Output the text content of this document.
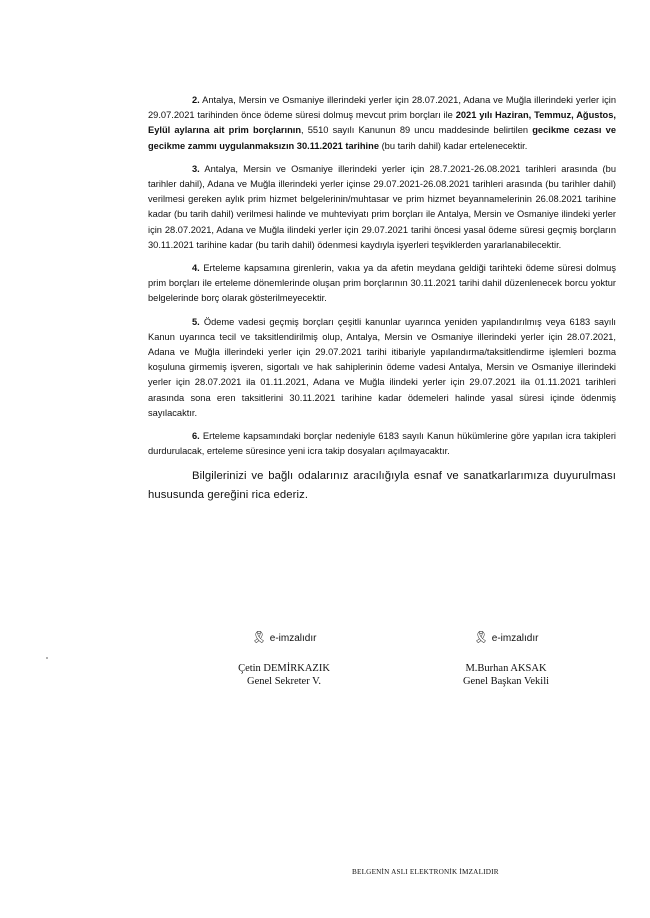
2. Antalya, Mersin ve Osmaniye illerindeki yerler için 28.07.2021, Adana ve Muğla illerindeki yerler için 29.07.2021 tarihinden önce ödeme süresi dolmuş mevcut prim borçları ile 2021 yılı Haziran, Temmuz, Ağustos, Eylül aylarına ait prim borçlarının, 5510 sayılı Kanunun 89 uncu maddesinde belirtilen gecikme cezası ve gecikme zammı uygulanmaksızın 30.11.2021 tarihine (bu tarih dahil) kadar ertelenecektir.

3. Antalya, Mersin ve Osmaniye illerindeki yerler için 28.7.2021-26.08.2021 tarihleri arasında (bu tarihler dahil), Adana ve Muğla illerindeki yerler içinse 29.07.2021-26.08.2021 tarihleri arasında (bu tarihler dahil) verilmesi gereken aylık prim hizmet belgelerinin/muhtasar ve prim hizmet beyannamelerinin 26.08.2021 tarihine kadar (bu tarih dahil) verilmesi halinde ve muhteviyatı prim borçları ile Antalya, Mersin ve Osmaniye ilindeki yerler için 28.07.2021, Adana ve Muğla ilindeki yerler için 29.07.2021 tarihi öncesi yasal ödeme süresi geçmiş borçların 30.11.2021 tarihine kadar (bu tarih dahil) ödenmesi kaydıyla işyerleri teşviklerden yararlanabilecektir.

4. Erteleme kapsamına girenlerin, vakıa ya da afetin meydana geldiği tarihteki ödeme süresi dolmuş prim borçları ile erteleme dönemlerinde oluşan prim borçlarının 30.11.2021 tarihi dahil düzenlenecek borcu yoktur belgelerinde borç olarak gösterilmeyecektir.

5. Ödeme vadesi geçmiş borçları çeşitli kanunlar uyarınca yeniden yapılandırılmış veya 6183 sayılı Kanun uyarınca tecil ve taksitlendirilmiş olup, Antalya, Mersin ve Osmaniye illerindeki yerler için 28.07.2021, Adana ve Muğla illerindeki yerler için 29.07.2021 tarihi itibariyle yapılandırma/taksitlendirme işlemleri bozma koşuluna girmemiş işveren, sigortalı ve hak sahiplerinin ödeme vadesi Antalya, Mersin ve Osmaniye illerindeki yerler için 28.07.2021 ila 01.11.2021, Adana ve Muğla ilindeki yerler için 29.07.2021 ila 01.11.2021 tarihleri arasında sona eren taksitlerini 30.11.2021 tarihine kadar ödemeleri halinde yasal süresi içinde ödenmiş sayılacaktır.

6. Erteleme kapsamındaki borçlar nedeniyle 6183 sayılı Kanun hükümlerine göre yapılan icra takipleri durdurulacak, erteleme süresince yeni icra takip dosyaları açılmayacaktır.

Bilgilerinizi ve bağlı odalarınız aracılığıyla esnaf ve sanatkarlarımıza duyurulması hususunda gereğini rica ederiz.

🎗 e-imzalıdır
Çetin DEMİRKAZIK
Genel Sekreter V.
🎗 e-imzalıdır
M.Burhan AKSAK
Genel Başkan Vekili
BELGENİN ASLI ELEKTRONİK İMZALIDIR
